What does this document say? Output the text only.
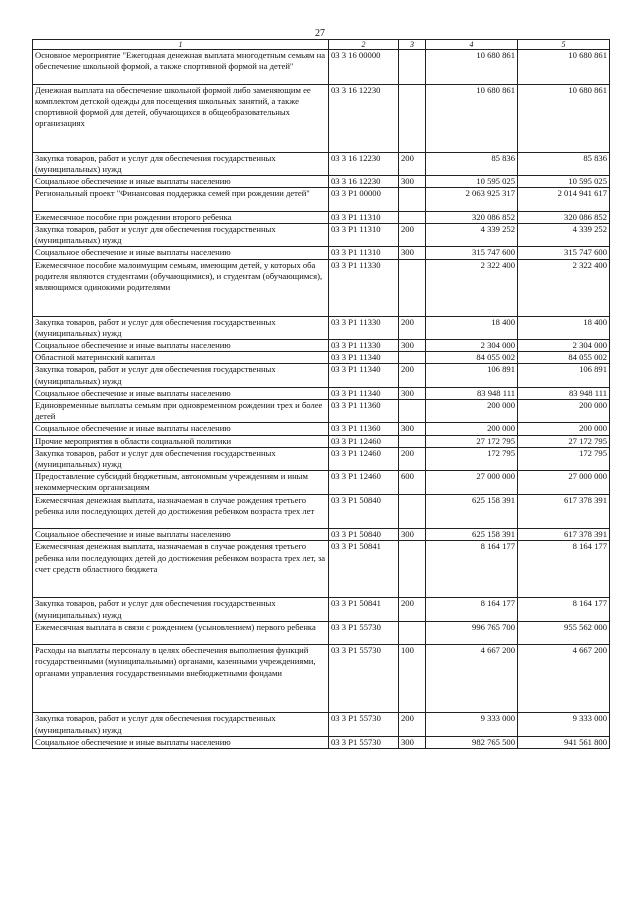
27
1	2	3	4	5
Основное мероприятие "Ежегодная денежная выплата многодетным семьям на обеспечение школьной формой, а также спортивной формой на детей"	03 3 16 00000		10 680 861	10 680 861
Денежная выплата на обеспечение школьной формой либо заменяющим ее комплектом детской одежды для посещения школьных занятий, а также спортивной формой для детей, обучающихся в общеобразовательных организациях	03 3 16 12230		10 680 861	10 680 861
Закупка товаров, работ и услуг для обеспечения государственных (муниципальных) нужд	03 3 16 12230	200	85 836	85 836
Социальное обеспечение и иные выплаты населению	03 3 16 12230	300	10 595 025	10 595 025
Региональный проект "Финансовая поддержка семей при рождении детей"	03 3 P1 00000		2 063 925 317	2 014 941 617
Ежемесячное пособие при рождении второго ребенка	03 3 P1 11310		320 086 852	320 086 852
Закупка товаров, работ и услуг для обеспечения государственных (муниципальных) нужд	03 3 P1 11310	200	4 339 252	4 339 252
Социальное обеспечение и иные выплаты населению	03 3 P1 11310	300	315 747 600	315 747 600
Ежемесячное пособие малоимущим семьям, имеющим детей, у которых оба родителя являются студентами (обучающимися), и студентам (обучающимся), являющимся одинокими родителями	03 3 P1 11330		2 322 400	2 322 400
Закупка товаров, работ и услуг для обеспечения государственных (муниципальных) нужд	03 3 P1 11330	200	18 400	18 400
Социальное обеспечение и иные выплаты населению	03 3 P1 11330	300	2 304 000	2 304 000
Областной материнский капитал	03 3 P1 11340		84 055 002	84 055 002
Закупка товаров, работ и услуг для обеспечения государственных (муниципальных) нужд	03 3 P1 11340	200	106 891	106 891
Социальное обеспечение и иные выплаты населению	03 3 P1 11340	300	83 948 111	83 948 111
Единовременные выплаты семьям при одновременном рождении трех и более детей	03 3 P1 11360		200 000	200 000
Социальное обеспечение и иные выплаты населению	03 3 P1 11360	300	200 000	200 000
Прочие мероприятия в области социальной политики	03 3 P1 12460		27 172 795	27 172 795
Закупка товаров, работ и услуг для обеспечения государственных (муниципальных) нужд	03 3 P1 12460	200	172 795	172 795
Предоставление субсидий бюджетным, автономным учреждениям и иным некоммерческим организациям	03 3 P1 12460	600	27 000 000	27 000 000
Ежемесячная денежная выплата, назначаемая в случае рождения третьего ребенка или последующих детей до достижения ребенком возраста трех лет	03 3 P1 50840		625 158 391	617 378 391
Социальное обеспечение и иные выплаты населению	03 3 P1 50840	300	625 158 391	617 378 391
Ежемесячная денежная выплата, назначаемая в случае рождения третьего ребенка или последующих детей до достижения ребенком возраста трех лет, за счет средств областного бюджета	03 3 P1 50841		8 164 177	8 164 177
Закупка товаров, работ и услуг для обеспечения государственных (муниципальных) нужд	03 3 P1 50841	200	8 164 177	8 164 177
Ежемесячная выплата в связи с рождением (усыновлением) первого ребенка	03 3 P1 55730		996 765 700	955 562 000
Расходы на выплаты персоналу в целях обеспечения выполнения функций государственными (муниципальными) органами, казенными учреждениями, органами управления государственными внебюджетными фондами	03 3 P1 55730	100	4 667 200	4 667 200
Закупка товаров, работ и услуг для обеспечения государственных (муниципальных) нужд	03 3 P1 55730	200	9 333 000	9 333 000
Социальное обеспечение и иные выплаты населению	03 3 P1 55730	300	982 765 500	941 561 800
